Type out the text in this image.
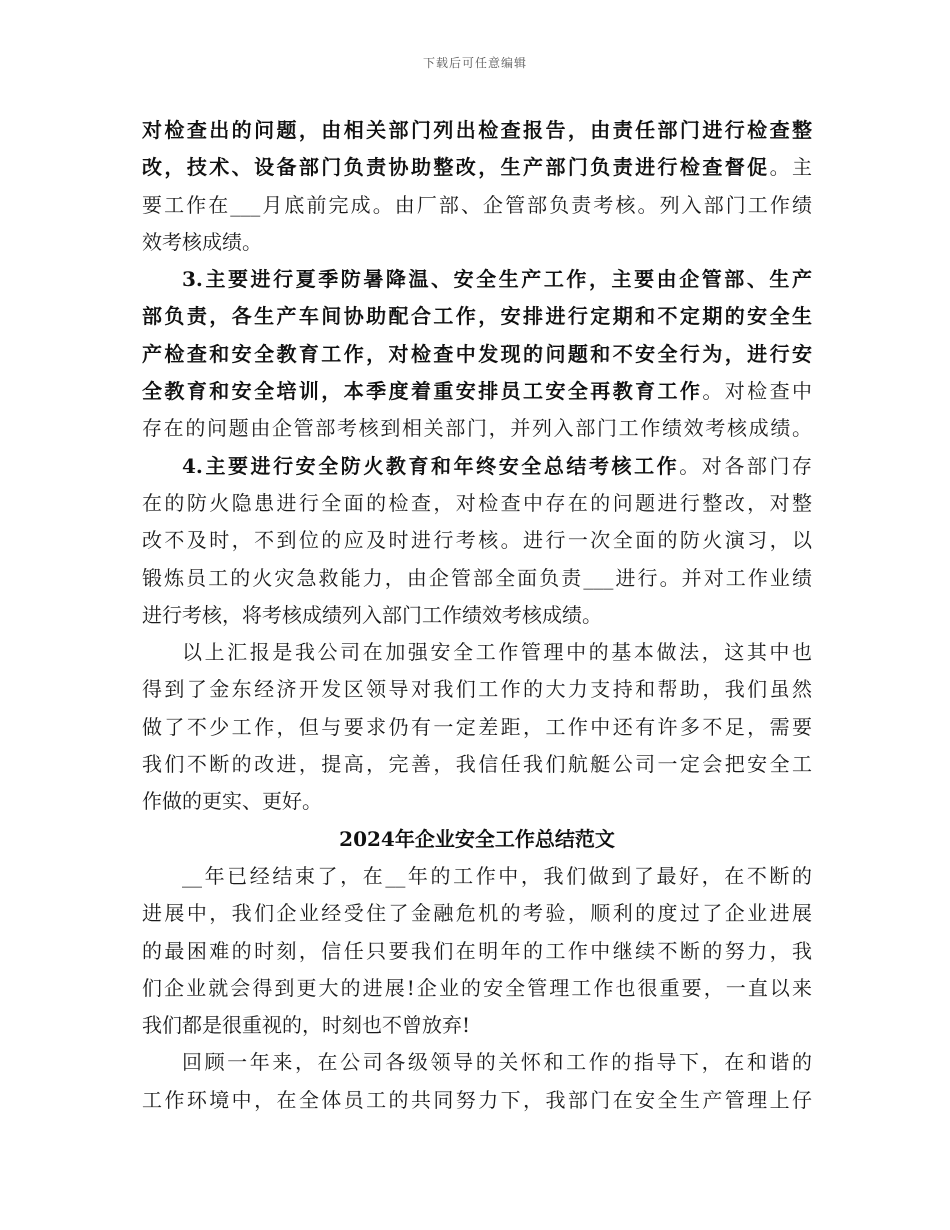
下载后可任意编辑
对检查出的问题，由相关部门列出检查报告，由责任部门进行检查整
改，技术、设备部门负责协助整改，生产部门负责进行检查督促。主
要工作在___月底前完成。由厂部、企管部负责考核。列入部门工作绩
效考核成绩。
3.主要进行夏季防暑降温、安全生产工作，主要由企管部、生产
部负责，各生产车间协助配合工作，安排进行定期和不定期的安全生
产检查和安全教育工作，对检查中发现的问题和不安全行为，进行安
全教育和安全培训，本季度着重安排员工安全再教育工作。对检查中
存在的问题由企管部考核到相关部门，并列入部门工作绩效考核成绩。
4.主要进行安全防火教育和年终安全总结考核工作。对各部门存
在的防火隐患进行全面的检查，对检查中存在的问题进行整改，对整
改不及时，不到位的应及时进行考核。进行一次全面的防火演习，以
锻炼员工的火灾急救能力，由企管部全面负责___进行。并对工作业绩
进行考核，将考核成绩列入部门工作绩效考核成绩。
以上汇报是我公司在加强安全工作管理中的基本做法，这其中也
得到了金东经济开发区领导对我们工作的大力支持和帮助，我们虽然
做了不少工作，但与要求仍有一定差距，工作中还有许多不足，需要
我们不断的改进，提高，完善，我信任我们航艇公司一定会把安全工
作做的更实、更好。
2024年企业安全工作总结范文
__年已经结束了，在__年的工作中，我们做到了最好，在不断的
进展中，我们企业经受住了金融危机的考验，顺利的度过了企业进展
的最困难的时刻，信任只要我们在明年的工作中继续不断的努力，我
们企业就会得到更大的进展!企业的安全管理工作也很重要，一直以来
我们都是很重视的，时刻也不曾放弃!
回顾一年来，在公司各级领导的关怀和工作的指导下，在和谐的
工作环境中，在全体员工的共同努力下，我部门在安全生产管理上仔
